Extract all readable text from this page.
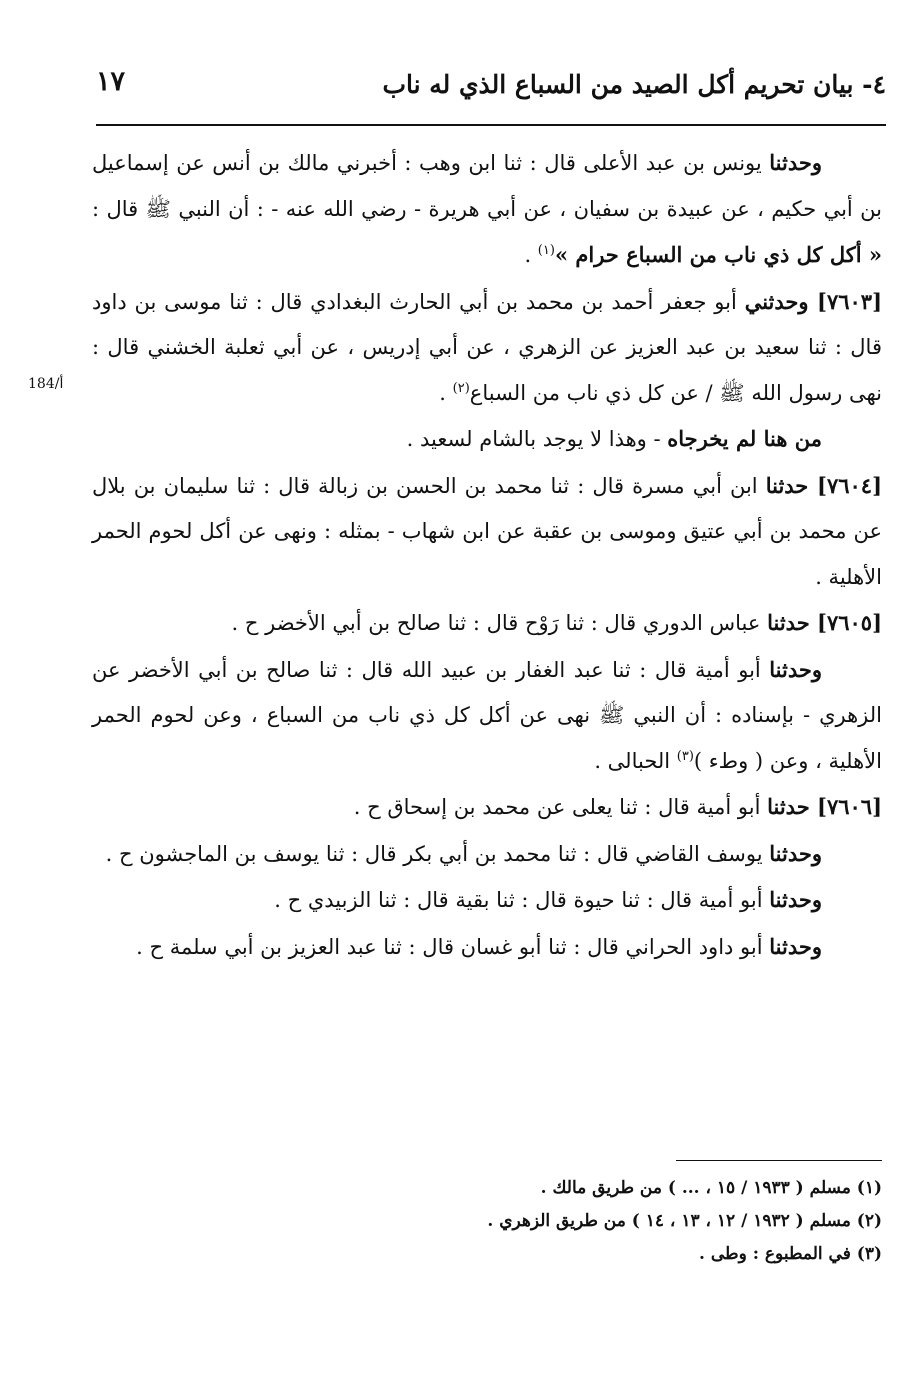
٤- بيان تحريم أكل الصيد من السباع الذي له ناب
١٧
184/أ

وحدثنا يونس بن عبد الأعلى قال : ثنا ابن وهب : أخبرني مالك بن أنس عن إسماعيل بن أبي حكيم ، عن عبيدة بن سفيان ، عن أبي هريرة - رضي الله عنه - : أن النبي ﷺ قال : « أكل كل ذي ناب من السباع حرام »$^{(١)}$ .

[٧٦٠٣] وحدثني أبو جعفر أحمد بن محمد بن أبي الحارث البغدادي قال : ثنا موسى بن داود قال : ثنا سعيد بن عبد العزيز عن الزهري ، عن أبي إدريس ، عن أبي ثعلبة الخشني قال : نهى رسول الله ﷺ / عن كل ذي ناب من السباع$^{(٢)}$ .

من هنا لم يخرجاه - وهذا لا يوجد بالشام لسعيد .

[٧٦٠٤] حدثنا ابن أبي مسرة قال : ثنا محمد بن الحسن بن زبالة قال : ثنا سليمان بن بلال عن محمد بن أبي عتيق وموسى بن عقبة عن ابن شهاب - بمثله : ونهى عن أكل لحوم الحمر الأهلية .

[٧٦٠٥] حدثنا عباس الدوري قال : ثنا رَوْح قال : ثنا صالح بن أبي الأخضر ح .

وحدثنا أبو أمية قال : ثنا عبد الغفار بن عبيد الله قال : ثنا صالح بن أبي الأخضر عن الزهري - بإسناده : أن النبي ﷺ نهى عن أكل كل ذي ناب من السباع ، وعن لحوم الحمر الأهلية ، وعن ( وطء )$^{(٣)}$ الحبالى .

[٧٦٠٦] حدثنا أبو أمية قال : ثنا يعلى عن محمد بن إسحاق ح .

وحدثنا يوسف القاضي قال : ثنا محمد بن أبي بكر قال : ثنا يوسف بن الماجشون ح .

وحدثنا أبو أمية قال : ثنا حيوة قال : ثنا بقية قال : ثنا الزبيدي ح .

وحدثنا أبو داود الحراني قال : ثنا أبو غسان قال : ثنا عبد العزيز بن أبي سلمة ح .

(١) مسلم ( ١٩٣٣ / ١٥ ، ... ) من طريق مالك .

(٢) مسلم ( ١٩٣٢ / ١٢ ، ١٣ ، ١٤ ) من طريق الزهري .

(٣) في المطبوع : وطى .
